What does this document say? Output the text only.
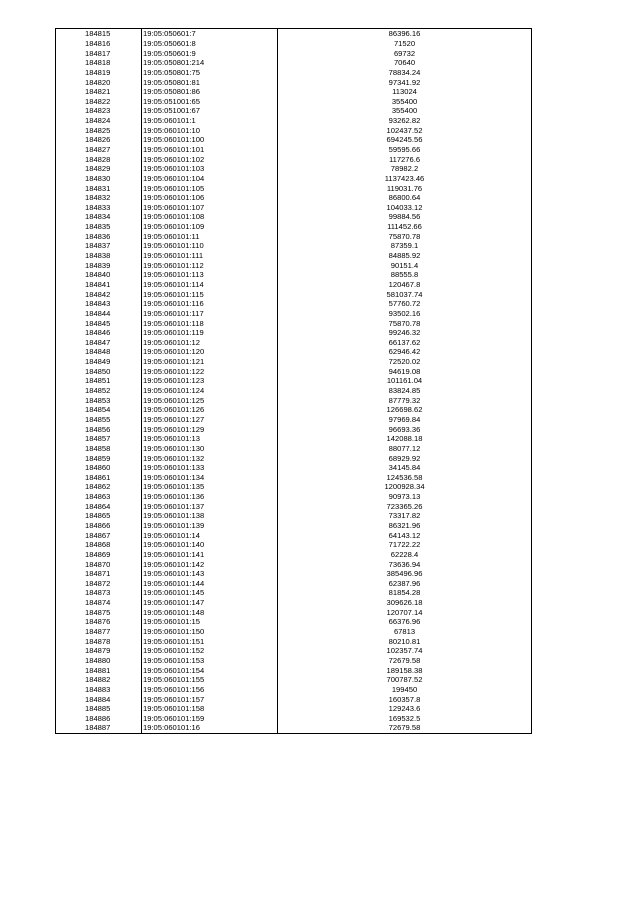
184815	19:05:050601:7	86396.16
184816	19:05:050601:8	71520
184817	19:05:050601:9	69732
184818	19:05:050801:214	70640
184819	19:05:050801:75	78834.24
184820	19:05:050801:81	97341.92
184821	19:05:050801:86	113024
184822	19:05:051001:65	355400
184823	19:05:051001:67	355400
184824	19:05:060101:1	93262.82
184825	19:05:060101:10	102437.52
184826	19:05:060101:100	694245.56
184827	19:05:060101:101	59595.66
184828	19:05:060101:102	117276.6
184829	19:05:060101:103	78982.2
184830	19:05:060101:104	1137423.46
184831	19:05:060101:105	119031.76
184832	19:05:060101:106	86800.64
184833	19:05:060101:107	104033.12
184834	19:05:060101:108	99884.56
184835	19:05:060101:109	111452.66
184836	19:05:060101:11	75870.78
184837	19:05:060101:110	87359.1
184838	19:05:060101:111	84885.92
184839	19:05:060101:112	90151.4
184840	19:05:060101:113	88555.8
184841	19:05:060101:114	120467.8
184842	19:05:060101:115	581037.74
184843	19:05:060101:116	57760.72
184844	19:05:060101:117	93502.16
184845	19:05:060101:118	75870.78
184846	19:05:060101:119	99246.32
184847	19:05:060101:12	66137.62
184848	19:05:060101:120	62946.42
184849	19:05:060101:121	72520.02
184850	19:05:060101:122	94619.08
184851	19:05:060101:123	101161.04
184852	19:05:060101:124	83824.85
184853	19:05:060101:125	87779.32
184854	19:05:060101:126	126698.62
184855	19:05:060101:127	97969.84
184856	19:05:060101:129	96693.36
184857	19:05:060101:13	142088.18
184858	19:05:060101:130	88077.12
184859	19:05:060101:132	68929.92
184860	19:05:060101:133	34145.84
184861	19:05:060101:134	124536.58
184862	19:05:060101:135	1200928.34
184863	19:05:060101:136	90973.13
184864	19:05:060101:137	723365.26
184865	19:05:060101:138	73317.82
184866	19:05:060101:139	86321.96
184867	19:05:060101:14	64143.12
184868	19:05:060101:140	71722.22
184869	19:05:060101:141	62228.4
184870	19:05:060101:142	73636.94
184871	19:05:060101:143	385496.96
184872	19:05:060101:144	62387.96
184873	19:05:060101:145	81854.28
184874	19:05:060101:147	309626.18
184875	19:05:060101:148	120707.14
184876	19:05:060101:15	66376.96
184877	19:05:060101:150	67813
184878	19:05:060101:151	80210.81
184879	19:05:060101:152	102357.74
184880	19:05:060101:153	72679.58
184881	19:05:060101:154	189158.38
184882	19:05:060101:155	700787.52
184883	19:05:060101:156	199450
184884	19:05:060101:157	160357.8
184885	19:05:060101:158	129243.6
184886	19:05:060101:159	169532.5
184887	19:05:060101:16	72679.58
